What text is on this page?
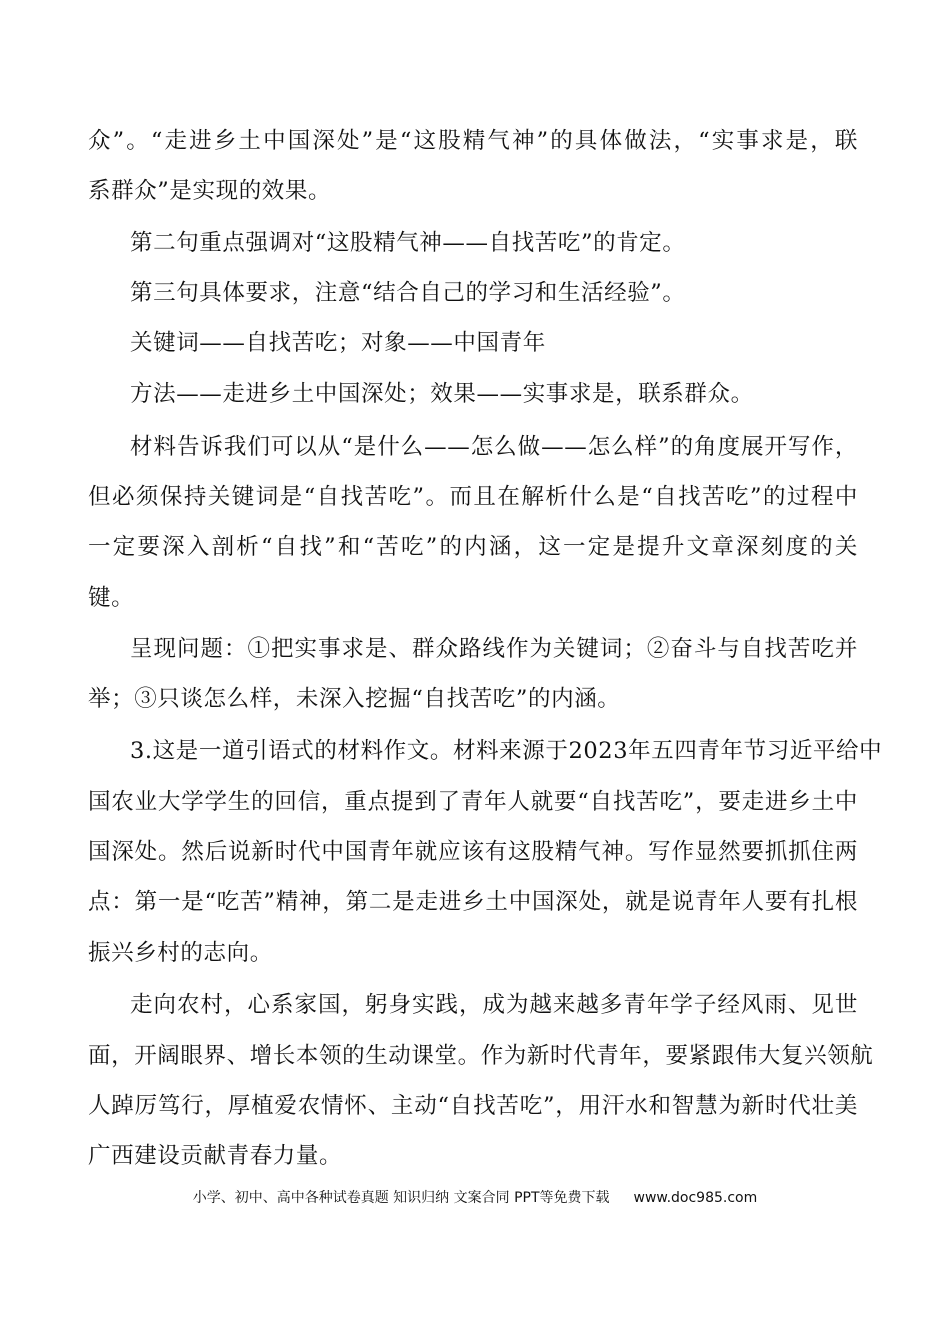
众”。“走进乡土中国深处”是“这股精气神”的具体做法，“实事求是，联
系群众”是实现的效果。
第二句重点强调对“这股精气神——自找苦吃”的肯定。
第三句具体要求，注意“结合自己的学习和生活经验”。
关键词——自找苦吃；对象——中国青年
方法——走进乡土中国深处；效果——实事求是，联系群众。
材料告诉我们可以从“是什么——怎么做——怎么样”的角度展开写作，
但必须保持关键词是“自找苦吃”。而且在解析什么是“自找苦吃”的过程中
一定要深入剖析“自找”和“苦吃”的内涵，这一定是提升文章深刻度的关
键。
呈现问题：①把实事求是、群众路线作为关键词；②奋斗与自找苦吃并
举；③只谈怎么样，未深入挖掘“自找苦吃”的内涵。
3.这是一道引语式的材料作文。材料来源于2023年五四青年节习近平给中
国农业大学学生的回信，重点提到了青年人就要“自找苦吃”，要走进乡土中
国深处。然后说新时代中国青年就应该有这股精气神。写作显然要抓抓住两
点：第一是“吃苦”精神，第二是走进乡土中国深处，就是说青年人要有扎根
振兴乡村的志向。
走向农村，心系家国，躬身实践，成为越来越多青年学子经风雨、见世
面，开阔眼界、增长本领的生动课堂。作为新时代青年，要紧跟伟大复兴领航
人踔厉笃行，厚植爱农情怀、主动“自找苦吃”，用汗水和智慧为新时代壮美
广西建设贡献青春力量。
小学、初中、高中各种试卷真题 知识归纳 文案合同 PPT等免费下载 www.doc985.com
